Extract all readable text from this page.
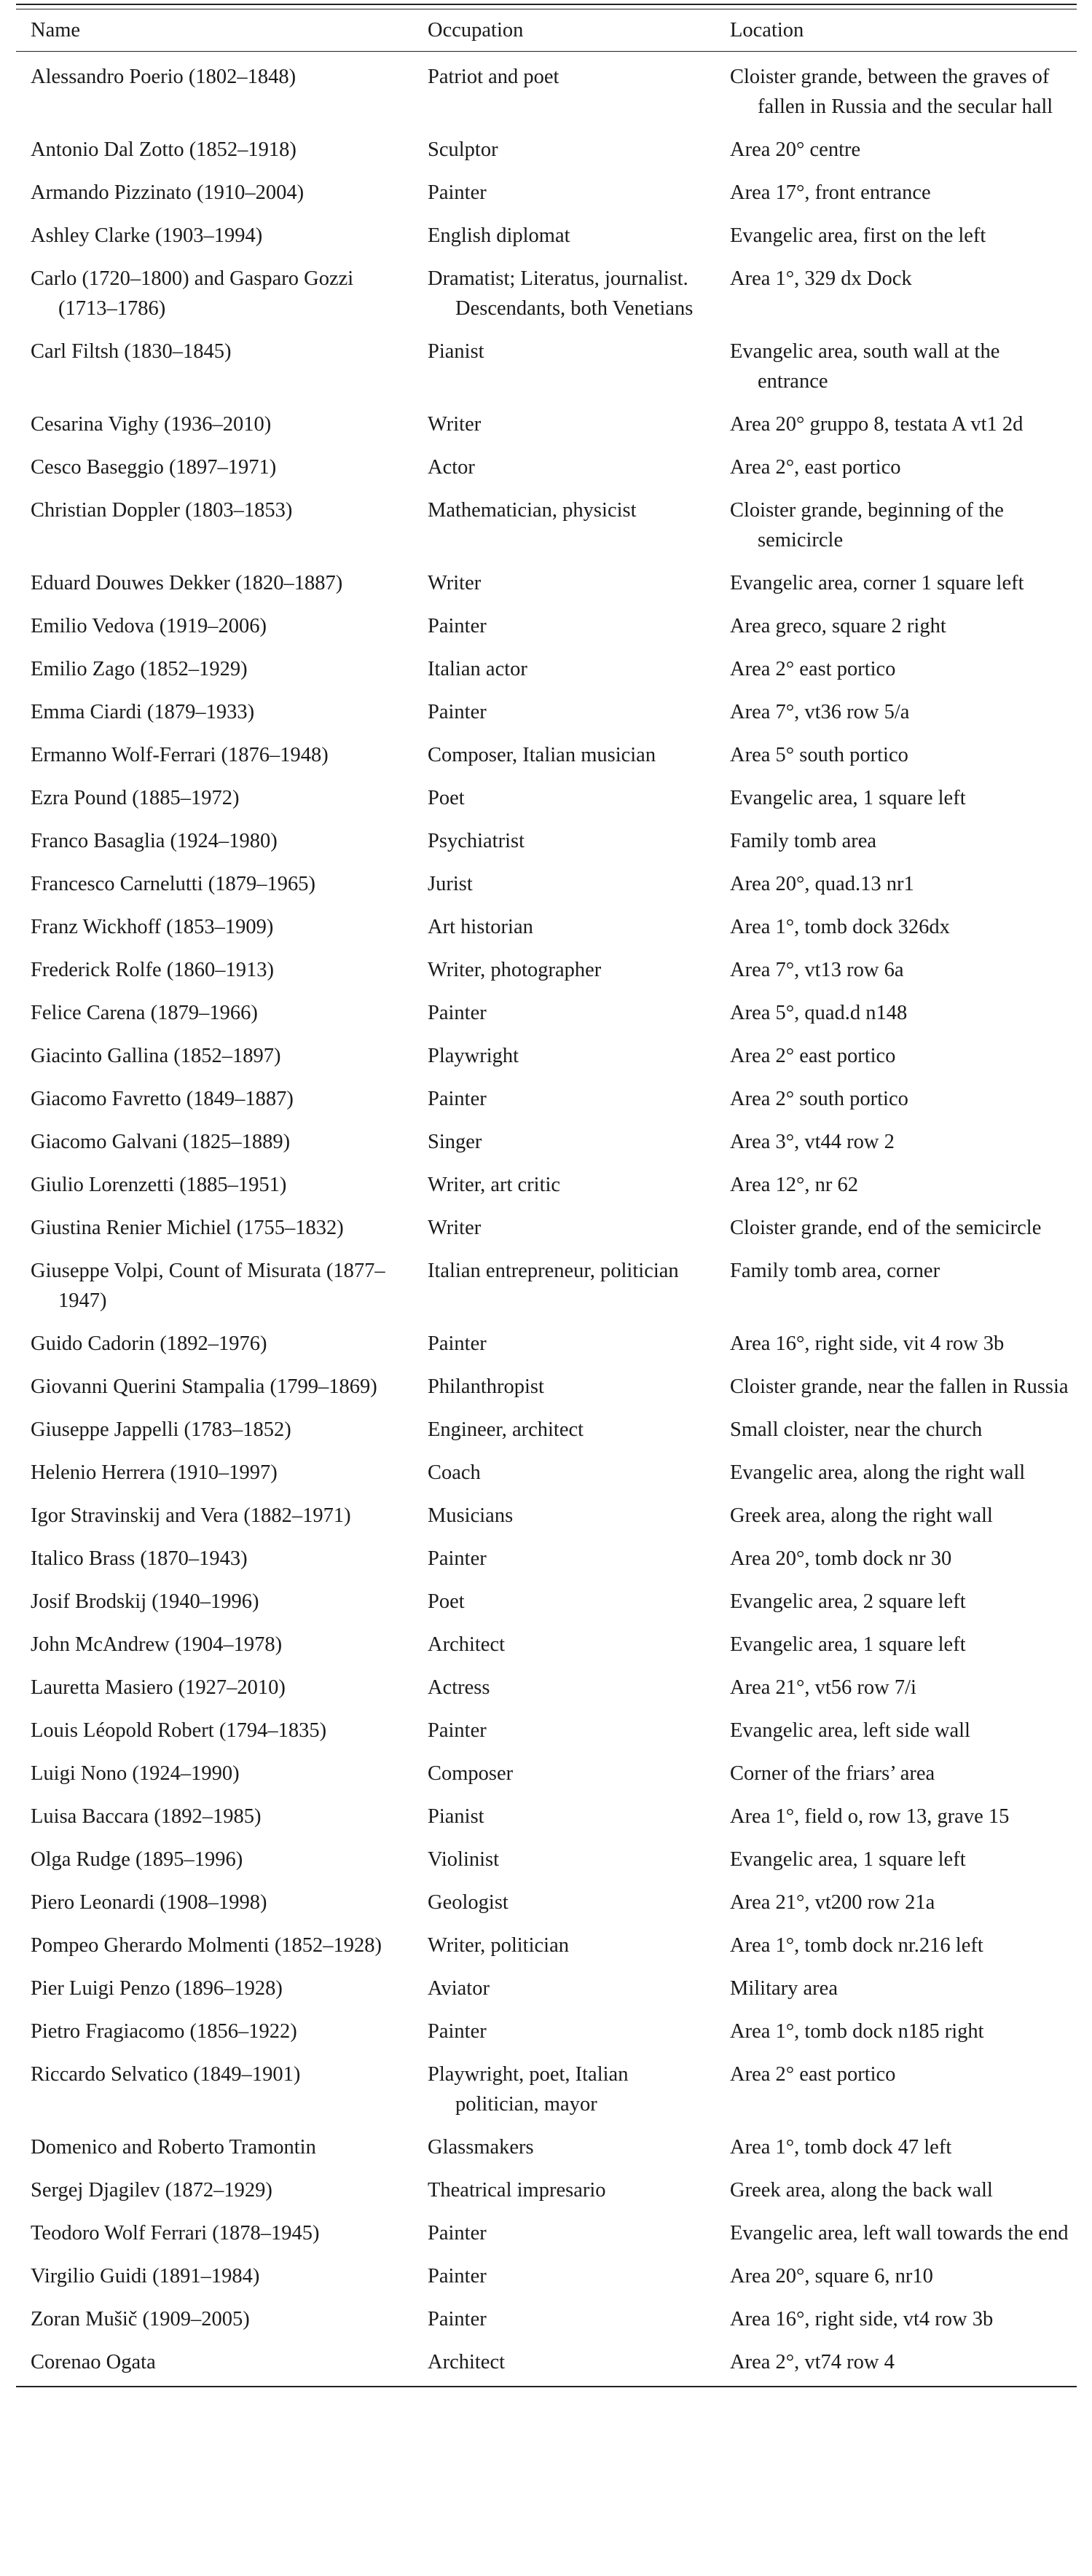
Name	Occupation	Location

Alessandro Poerio (1802–1848)	Patriot and poet	Cloister grande, between the graves of fallen in Russia and the secular hall

Antonio Dal Zotto (1852–1918)	Sculptor	Area 20° centre

Armando Pizzinato (1910–2004)	Painter	Area 17°, front entrance

Ashley Clarke (1903–1994)	English diplomat	Evangelic area, first on the left

Carlo (1720–1800) and Gasparo Gozzi (1713–1786)	Dramatist; Literatus, journalist. Descendants, both Venetians	Area 1°, 329 dx Dock

Carl Filtsh (1830–1845)	Pianist	Evangelic area, south wall at the entrance

Cesarina Vighy (1936–2010)	Writer	Area 20° gruppo 8, testata A vt1 2d

Cesco Baseggio (1897–1971)	Actor	Area 2°, east portico

Christian Doppler (1803–1853)	Mathematician, physicist	Cloister grande, beginning of the semicircle

Eduard Douwes Dekker (1820–1887)	Writer	Evangelic area, corner 1 square left

Emilio Vedova (1919–2006)	Painter	Area greco, square 2 right

Emilio Zago (1852–1929)	Italian actor	Area 2° east portico

Emma Ciardi (1879–1933)	Painter	Area 7°, vt36 row 5/a

Ermanno Wolf-Ferrari (1876–1948)	Composer, Italian musician	Area 5° south portico

Ezra Pound (1885–1972)	Poet	Evangelic area, 1 square left

Franco Basaglia (1924–1980)	Psychiatrist	Family tomb area

Francesco Carnelutti (1879–1965)	Jurist	Area 20°, quad.13 nr1

Franz Wickhoff (1853–1909)	Art historian	Area 1°, tomb dock 326dx

Frederick Rolfe (1860–1913)	Writer, photographer	Area 7°, vt13 row 6a

Felice Carena (1879–1966)	Painter	Area 5°, quad.d n148

Giacinto Gallina (1852–1897)	Playwright	Area 2° east portico

Giacomo Favretto (1849–1887)	Painter	Area 2° south portico

Giacomo Galvani (1825–1889)	Singer	Area 3°, vt44 row 2

Giulio Lorenzetti (1885–1951)	Writer, art critic	Area 12°, nr 62

Giustina Renier Michiel (1755–1832)	Writer	Cloister grande, end of the semicircle

Giuseppe Volpi, Count of Misurata (1877–1947)	Italian entrepreneur, politician	Family tomb area, corner

Guido Cadorin (1892–1976)	Painter	Area 16°, right side, vit 4 row 3b

Giovanni Querini Stampalia (1799–1869)	Philanthropist	Cloister grande, near the fallen in Russia

Giuseppe Jappelli (1783–1852)	Engineer, architect	Small cloister, near the church

Helenio Herrera (1910–1997)	Coach	Evangelic area, along the right wall

Igor Stravinskij and Vera (1882–1971)	Musicians	Greek area, along the right wall

Italico Brass (1870–1943)	Painter	Area 20°, tomb dock nr 30

Josif Brodskij (1940–1996)	Poet	Evangelic area, 2 square left

John McAndrew (1904–1978)	Architect	Evangelic area, 1 square left

Lauretta Masiero (1927–2010)	Actress	Area 21°, vt56 row 7/i

Louis Léopold Robert (1794–1835)	Painter	Evangelic area, left side wall

Luigi Nono (1924–1990)	Composer	Corner of the friars’ area

Luisa Baccara (1892–1985)	Pianist	Area 1°, field o, row 13, grave 15

Olga Rudge (1895–1996)	Violinist	Evangelic area, 1 square left

Piero Leonardi (1908–1998)	Geologist	Area 21°, vt200 row 21a

Pompeo Gherardo Molmenti (1852–1928)	Writer, politician	Area 1°, tomb dock nr.216 left

Pier Luigi Penzo (1896–1928)	Aviator	Military area

Pietro Fragiacomo (1856–1922)	Painter	Area 1°, tomb dock n185 right

Riccardo Selvatico (1849–1901)	Playwright, poet, Italian politician, mayor	Area 2° east portico

Domenico and Roberto Tramontin	Glassmakers	Area 1°, tomb dock 47 left

Sergej Djagilev (1872–1929)	Theatrical impresario	Greek area, along the back wall

Teodoro Wolf Ferrari (1878–1945)	Painter	Evangelic area, left wall towards the end

Virgilio Guidi (1891–1984)	Painter	Area 20°, square 6, nr10

Zoran Mušič (1909–2005)	Painter	Area 16°, right side, vt4 row 3b

Corenao Ogata	Architect	Area 2°, vt74 row 4
